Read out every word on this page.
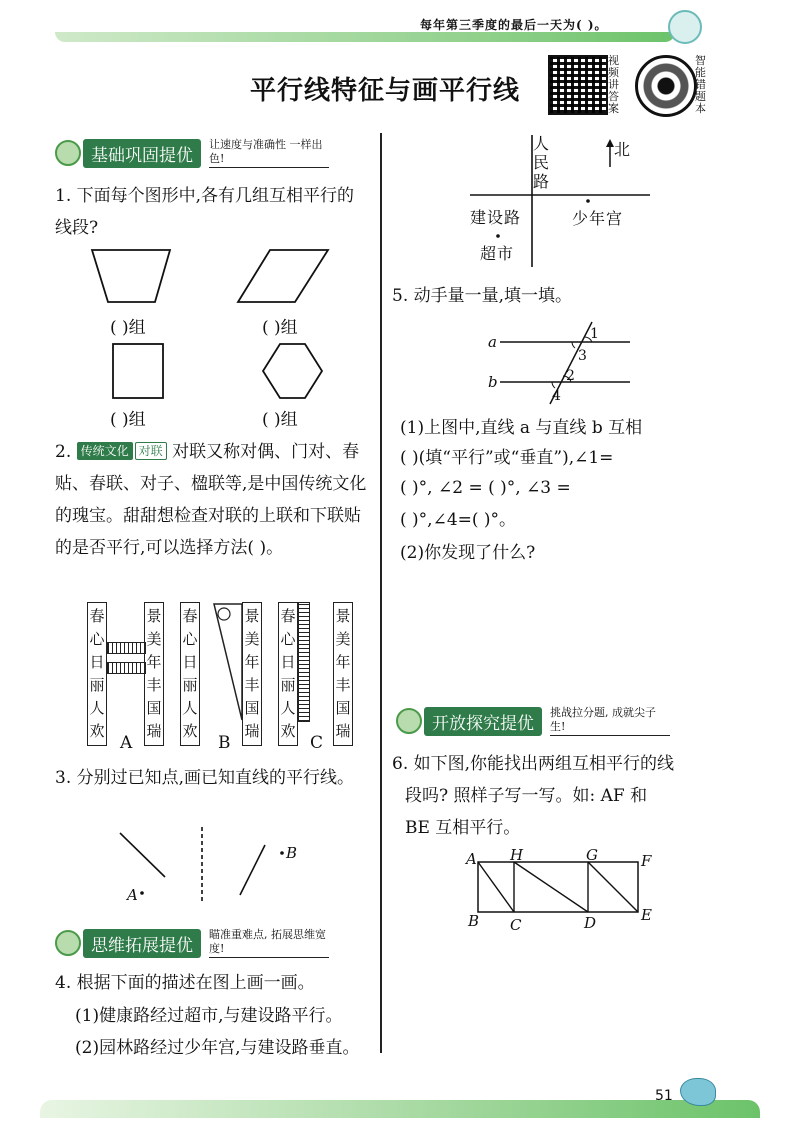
每年第三季度的最后一天为( )。
平行线特征与画平行线
视频讲答案
智能错题本
基础巩固提优
让速度与准确性 一样出色!
1. 下面每个图形中,各有几组互相平行的线段?
( )组	( )组
( )组	( )组
2. 传统文化 对联 对联又称对偶、门对、春贴、春联、对子、楹联等,是中国传统文化的瑰宝。甜甜想检查对联的上联和下联贴的是否平行,可以选择方法( )。
春心日丽人欢
景美年丰国瑞
春心日丽人欢
景美年丰国瑞
春心日丽人欢
景美年丰国瑞
A	B	C
3. 分别过已知点,画已知直线的平行线。
A
B
思维拓展提优
瞄准重难点, 拓展思维宽度!
4. 根据下面的描述在图上画一画。
(1)健康路经过超市,与建设路平行。
(2)园林路经过少年宫,与建设路垂直。
人民路
建设路	少年宫
超市
北
5. 动手量一量,填一填。
a
b
1
2
3
4
(1)上图中,直线 a 与直线 b 互相
( )(填“平行”或“垂直”),∠1=
( )°, ∠2 = ( )°, ∠3 =
( )°,∠4=( )°。
(2)你发现了什么?
开放探究提优
挑战拉分题, 成就尖子生!
6. 如下图,你能找出两组互相平行的线
段吗? 照样子写一写。如: AF 和
BE 互相平行。
A H	G	F
B C	D	E
51
